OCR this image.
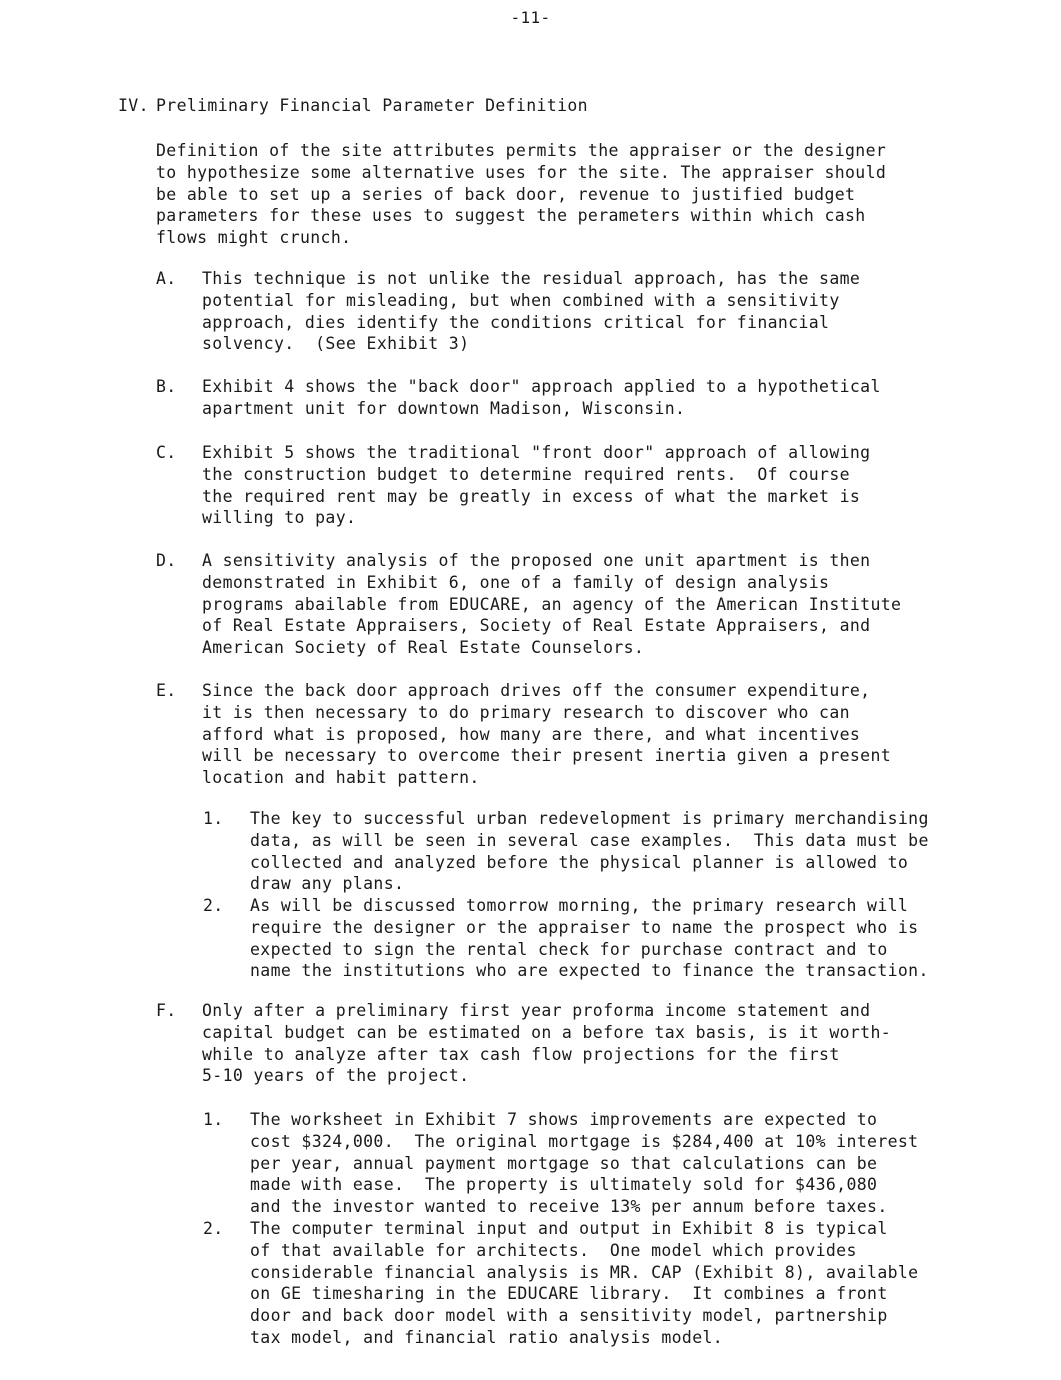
-11-
IV. Preliminary Financial Parameter Definition
Definition of the site attributes permits the appraiser or the designer
to hypothesize some alternative uses for the site. The appraiser should
be able to set up a series of back door, revenue to justified budget
parameters for these uses to suggest the perameters within which cash
flows might crunch.
A.	This technique is not unlike the residual approach, has the same
potential for misleading, but when combined with a sensitivity
approach, dies identify the conditions critical for financial
solvency.  (See Exhibit 3)
B.	Exhibit 4 shows the "back door" approach applied to a hypothetical
apartment unit for downtown Madison, Wisconsin.
C.	Exhibit 5 shows the traditional "front door" approach of allowing
the construction budget to determine required rents.  Of course
the required rent may be greatly in excess of what the market is
willing to pay.
D.	A sensitivity analysis of the proposed one unit apartment is then
demonstrated in Exhibit 6, one of a family of design analysis
programs abailable from EDUCARE, an agency of the American Institute
of Real Estate Appraisers, Society of Real Estate Appraisers, and
American Society of Real Estate Counselors.
E.	Since the back door approach drives off the consumer expenditure,
it is then necessary to do primary research to discover who can
afford what is proposed, how many are there, and what incentives
will be necessary to overcome their present inertia given a present
location and habit pattern.
1.	The key to successful urban redevelopment is primary merchandising
data, as will be seen in several case examples.  This data must be
collected and analyzed before the physical planner is allowed to
draw any plans.
2.	As will be discussed tomorrow morning, the primary research will
require the designer or the appraiser to name the prospect who is
expected to sign the rental check for purchase contract and to
name the institutions who are expected to finance the transaction.
F.	Only after a preliminary first year proforma income statement and
capital budget can be estimated on a before tax basis, is it worth-
while to analyze after tax cash flow projections for the first
5-10 years of the project.
1.	The worksheet in Exhibit 7 shows improvements are expected to
cost $324,000.  The original mortgage is $284,400 at 10% interest
per year, annual payment mortgage so that calculations can be
made with ease.  The property is ultimately sold for $436,080
and the investor wanted to receive 13% per annum before taxes.
2.	The computer terminal input and output in Exhibit 8 is typical
of that available for architects.  One model which provides
considerable financial analysis is MR. CAP (Exhibit 8), available
on GE timesharing in the EDUCARE library.  It combines a front
door and back door model with a sensitivity model, partnership
tax model, and financial ratio analysis model.
